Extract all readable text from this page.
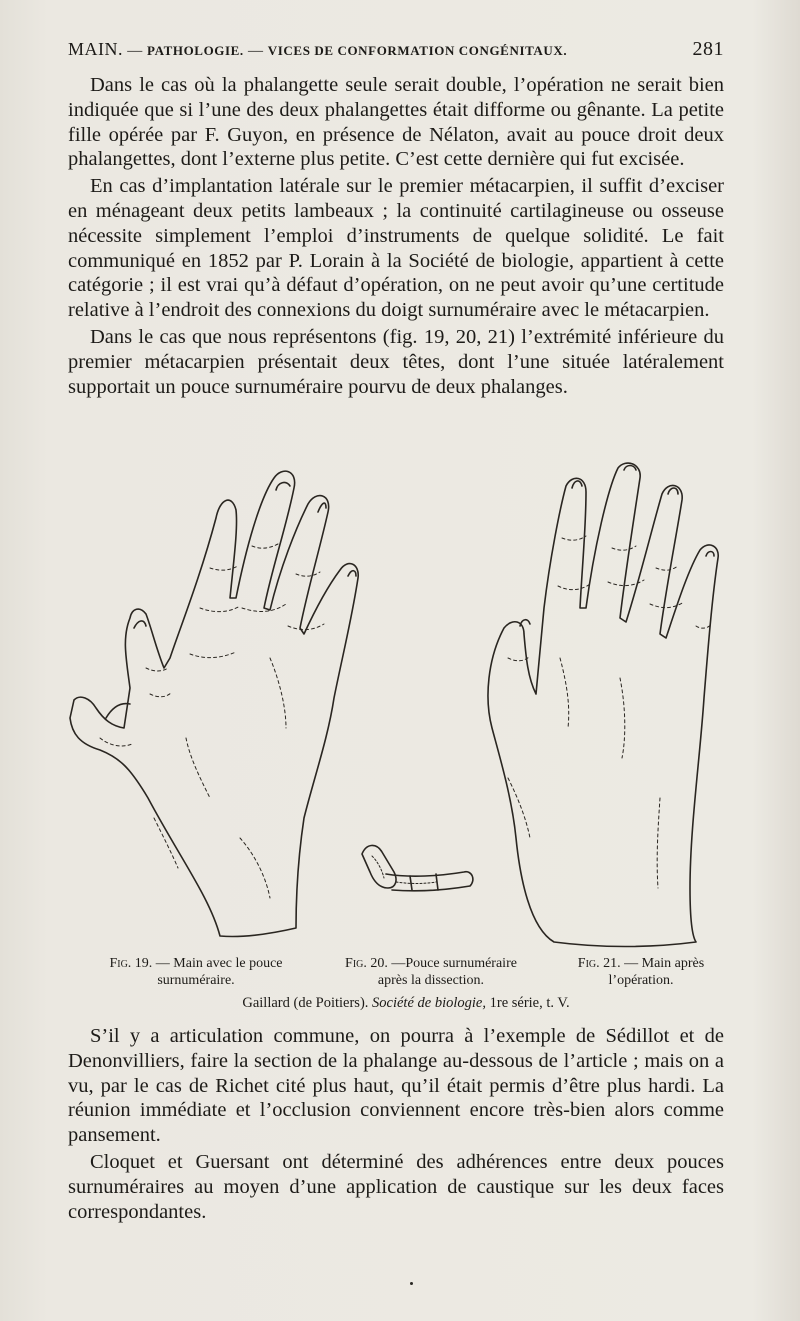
MAIN. — PATHOLOGIE. — VICES DE CONFORMATION CONGÉNITAUX.	281

Dans le cas où la phalangette seule serait double, l’opération ne serait bien indiquée que si l’une des deux phalangettes était difforme ou gênante. La petite fille opérée par F. Guyon, en présence de Nélaton, avait au pouce droit deux phalangettes, dont l’externe plus petite. C’est cette dernière qui fut excisée.

En cas d’implantation latérale sur le premier métacarpien, il suffit d’exciser en ménageant deux petits lambeaux ; la continuité cartilagineuse ou osseuse nécessite simplement l’emploi d’instruments de quelque solidité. Le fait communiqué en 1852 par P. Lorain à la Société de biologie, appartient à cette catégorie ; il est vrai qu’à défaut d’opération, on ne peut avoir qu’une certitude relative à l’endroit des connexions du doigt surnuméraire avec le métacarpien.

Dans le cas que nous représentons (fig. 19, 20, 21) l’extrémité inférieure du premier métacarpien présentait deux têtes, dont l’une située latéralement supportait un pouce surnuméraire pourvu de deux phalanges.

Fig. 19. — Main avec le pouce
surnuméraire.
Fig. 20. —Pouce surnuméraire
après la dissection.
Fig. 21. — Main après
l’opération.
Gaillard (de Poitiers). Société de biologie, 1re série, t. V.

S’il y a articulation commune, on pourra à l’exemple de Sédillot et de Denonvilliers, faire la section de la phalange au-dessous de l’article ; mais on a vu, par le cas de Richet cité plus haut, qu’il était permis d’être plus hardi. La réunion immédiate et l’occlusion conviennent encore très-bien alors comme pansement.

Cloquet et Guersant ont déterminé des adhérences entre deux pouces surnuméraires au moyen d’une application de caustique sur les deux faces correspondantes.
